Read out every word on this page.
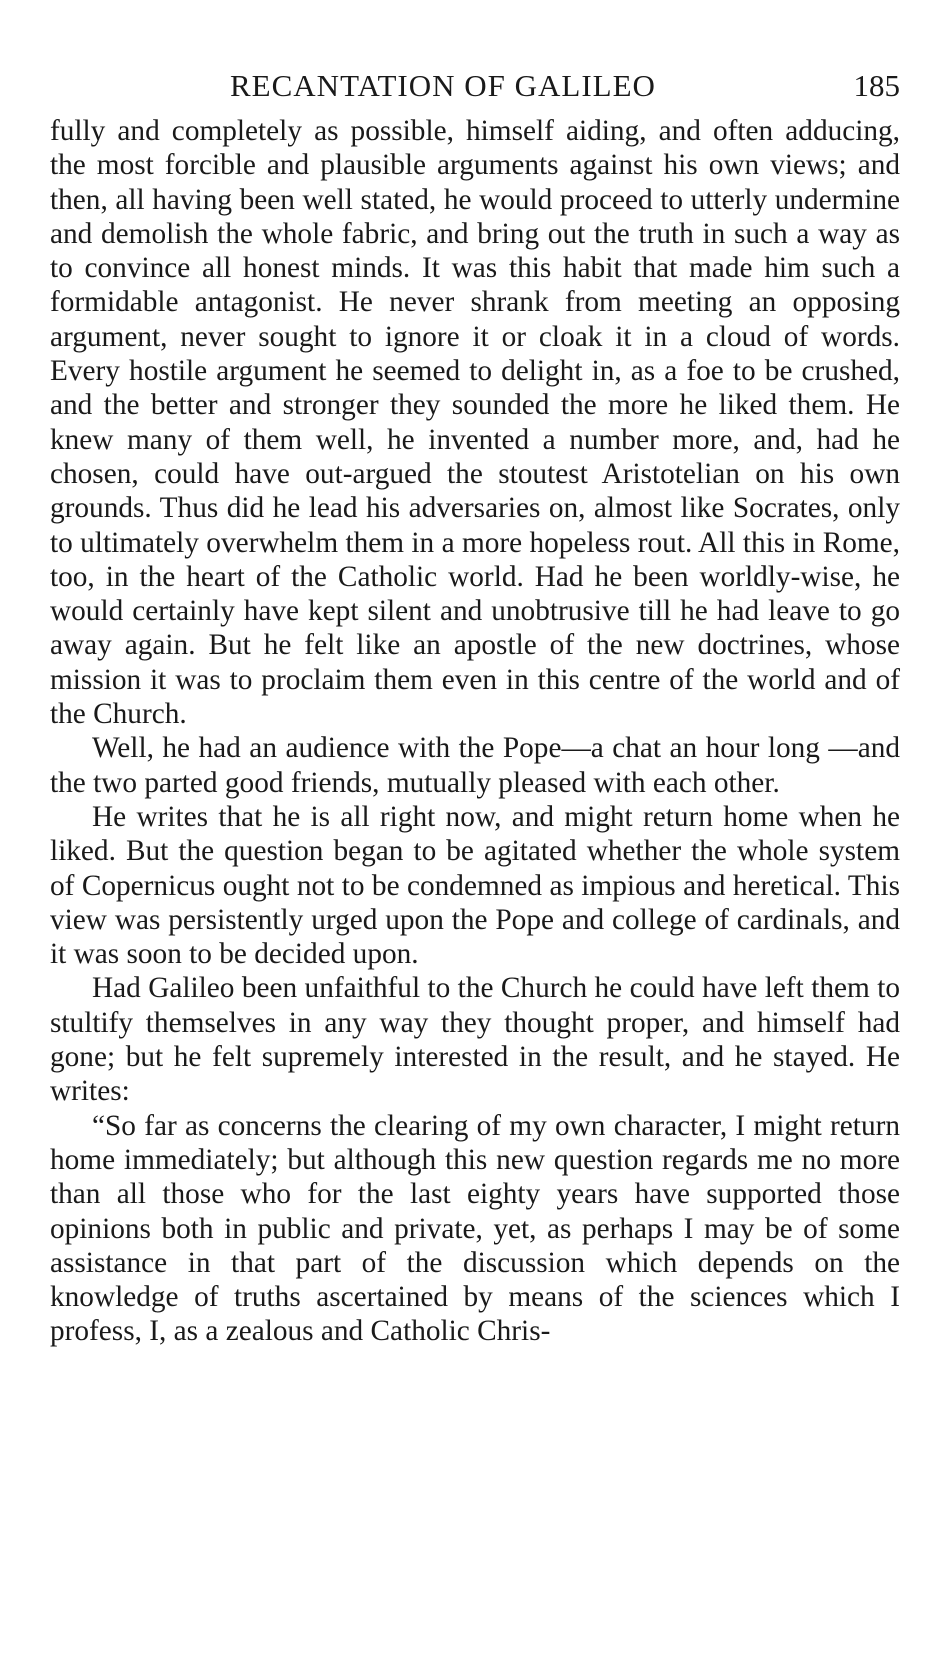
RECANTATION OF GALILEO	185

fully and completely as possible, himself aiding, and often adducing, the most forcible and plausible arguments against his own views; and then, all having been well stated, he would proceed to utterly undermine and demolish the whole fabric, and bring out the truth in such a way as to convince all honest minds. It was this habit that made him such a formidable antagonist. He never shrank from meeting an opposing argument, never sought to ignore it or cloak it in a cloud of words. Every hostile argument he seemed to delight in, as a foe to be crushed, and the better and stronger they sounded the more he liked them. He knew many of them well, he invented a number more, and, had he chosen, could have out-argued the stoutest Aristotelian on his own grounds. Thus did he lead his adversaries on, almost like Socrates, only to ultimately overwhelm them in a more hopeless rout. All this in Rome, too, in the heart of the Catholic world. Had he been worldly-wise, he would certainly have kept silent and unobtrusive till he had leave to go away again. But he felt like an apostle of the new doctrines, whose mission it was to proclaim them even in this centre of the world and of the Church.

Well, he had an audience with the Pope—a chat an hour long —and the two parted good friends, mutually pleased with each other.

He writes that he is all right now, and might return home when he liked. But the question began to be agitated whether the whole system of Copernicus ought not to be condemned as impious and heretical. This view was persistently urged upon the Pope and college of cardinals, and it was soon to be decided upon.

Had Galileo been unfaithful to the Church he could have left them to stultify themselves in any way they thought proper, and himself had gone; but he felt supremely interested in the result, and he stayed. He writes:

“So far as concerns the clearing of my own character, I might return home immediately; but although this new question regards me no more than all those who for the last eighty years have supported those opinions both in public and private, yet, as perhaps I may be of some assistance in that part of the discussion which depends on the knowledge of truths ascertained by means of the sciences which I profess, I, as a zealous and Catholic Chris-
